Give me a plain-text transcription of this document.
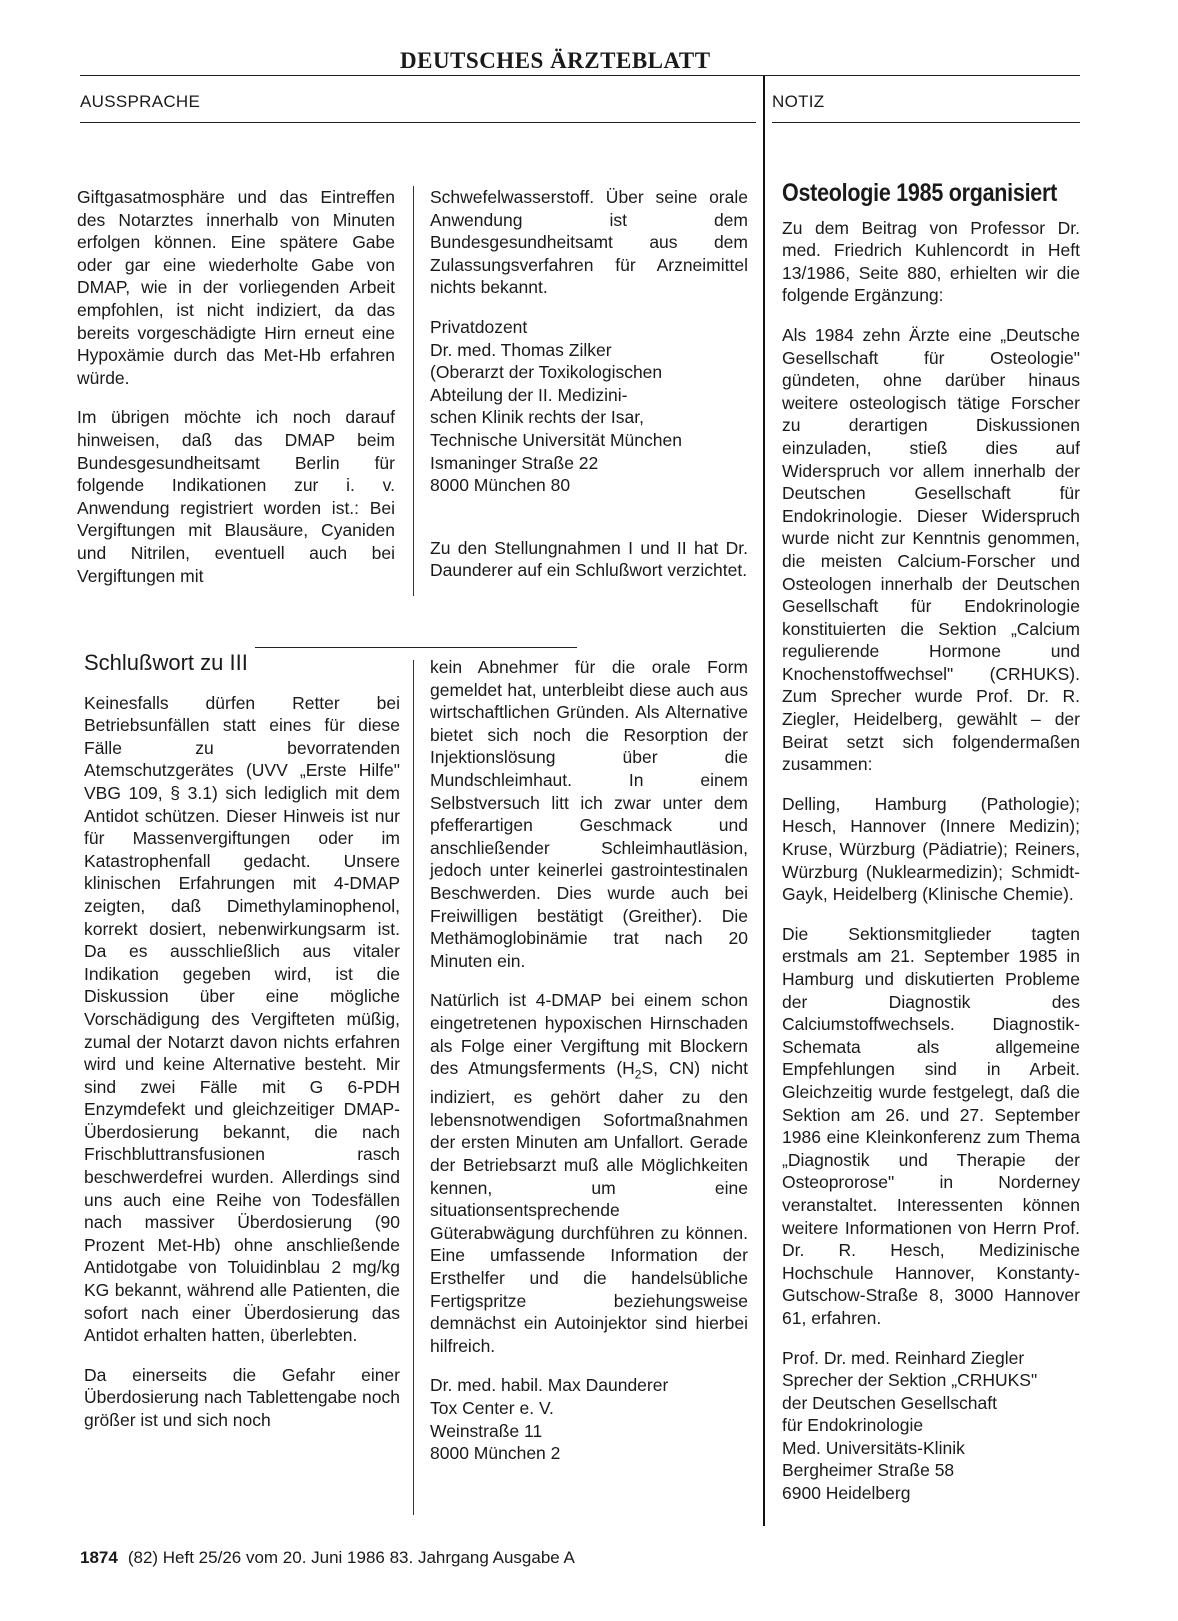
DEUTSCHES ÄRZTEBLATT
AUSSPRACHE	NOTIZ

Giftgasatmosphäre und das Eintreffen des Notarztes innerhalb von Minuten erfolgen können. Eine spätere Gabe oder gar eine wiederholte Gabe von DMAP, wie in der vorliegenden Arbeit empfohlen, ist nicht indiziert, da das bereits vorgeschädigte Hirn erneut eine Hypoxämie durch das Met-Hb erfahren würde.

Im übrigen möchte ich noch darauf hinweisen, daß das DMAP beim Bundesgesundheitsamt Berlin für folgende Indikationen zur i. v. Anwendung registriert worden ist.: Bei Vergiftungen mit Blausäure, Cyaniden und Nitrilen, eventuell auch bei Vergiftungen mit

Schwefelwasserstoff. Über seine orale Anwendung ist dem Bundesgesundheitsamt aus dem Zulassungsverfahren für Arzneimittel nichts bekannt.

Privatdozent
Dr. med. Thomas Zilker
(Oberarzt der Toxikologischen
Abteilung der II. Medizini-
schen Klinik rechts der Isar,
Technische Universität München
Ismaninger Straße 22
8000 München 80

Zu den Stellungnahmen I und II hat Dr. Daunderer auf ein Schlußwort verzichtet.

Schlußwort zu III

Keinesfalls dürfen Retter bei Betriebsunfällen statt eines für diese Fälle zu bevorratenden Atemschutzgerätes (UVV „Erste Hilfe" VBG 109, § 3.1) sich lediglich mit dem Antidot schützen. Dieser Hinweis ist nur für Massenvergiftungen oder im Katastrophenfall gedacht. Unsere klinischen Erfahrungen mit 4-DMAP zeigten, daß Dimethylaminophenol, korrekt dosiert, nebenwirkungsarm ist. Da es ausschließlich aus vitaler Indikation gegeben wird, ist die Diskussion über eine mögliche Vorschädigung des Vergifteten müßig, zumal der Notarzt davon nichts erfahren wird und keine Alternative besteht. Mir sind zwei Fälle mit G 6-PDH Enzymdefekt und gleichzeitiger DMAP-Überdosierung bekannt, die nach Frischbluttransfusionen rasch beschwerdefrei wurden. Allerdings sind uns auch eine Reihe von Todesfällen nach massiver Überdosierung (90 Prozent Met-Hb) ohne anschließende Antidotgabe von Toluidinblau 2 mg/kg KG bekannt, während alle Patienten, die sofort nach einer Überdosierung das Antidot erhalten hatten, überlebten.

Da einerseits die Gefahr einer Überdosierung nach Tablettengabe noch größer ist und sich noch

kein Abnehmer für die orale Form gemeldet hat, unterbleibt diese auch aus wirtschaftlichen Gründen. Als Alternative bietet sich noch die Resorption der Injektionslösung über die Mundschleimhaut. In einem Selbstversuch litt ich zwar unter dem pfefferartigen Geschmack und anschließender Schleimhautläsion, jedoch unter keinerlei gastrointestinalen Beschwerden. Dies wurde auch bei Freiwilligen bestätigt (Greither). Die Methämoglobinämie trat nach 20 Minuten ein.

Natürlich ist 4-DMAP bei einem schon eingetretenen hypoxischen Hirnschaden als Folge einer Vergiftung mit Blockern des Atmungsferments ($H_2S$, CN) nicht indiziert, es gehört daher zu den lebensnotwendigen Sofortmaßnahmen der ersten Minuten am Unfallort. Gerade der Betriebsarzt muß alle Möglichkeiten kennen, um eine situationsentsprechende Güterabwägung durchführen zu können. Eine umfassende Information der Ersthelfer und die handelsübliche Fertigspritze beziehungsweise demnächst ein Autoinjektor sind hierbei hilfreich.

Dr. med. habil. Max Daunderer
Tox Center e. V.
Weinstraße 11
8000 München 2

Osteologie 1985 organisiert

Zu dem Beitrag von Professor Dr. med. Friedrich Kuhlencordt in Heft 13/1986, Seite 880, erhielten wir die folgende Ergänzung:

Als 1984 zehn Ärzte eine „Deutsche Gesellschaft für Osteologie" gündeten, ohne darüber hinaus weitere osteologisch tätige Forscher zu derartigen Diskussionen einzuladen, stieß dies auf Widerspruch vor allem innerhalb der Deutschen Gesellschaft für Endokrinologie. Dieser Widerspruch wurde nicht zur Kenntnis genommen, die meisten Calcium-Forscher und Osteologen innerhalb der Deutschen Gesellschaft für Endokrinologie konstituierten die Sektion „Calcium regulierende Hormone und Knochenstoffwechsel" (CRHUKS). Zum Sprecher wurde Prof. Dr. R. Ziegler, Heidelberg, gewählt – der Beirat setzt sich folgendermaßen zusammen:

Delling, Hamburg (Pathologie); Hesch, Hannover (Innere Medizin); Kruse, Würzburg (Pädiatrie); Reiners, Würzburg (Nuklearmedizin); Schmidt-Gayk, Heidelberg (Klinische Chemie).

Die Sektionsmitglieder tagten erstmals am 21. September 1985 in Hamburg und diskutierten Probleme der Diagnostik des Calciumstoffwechsels. Diagnostik-Schemata als allgemeine Empfehlungen sind in Arbeit. Gleichzeitig wurde festgelegt, daß die Sektion am 26. und 27. September 1986 eine Kleinkonferenz zum Thema „Diagnostik und Therapie der Osteoprorose" in Norderney veranstaltet. Interessenten können weitere Informationen von Herrn Prof. Dr. R. Hesch, Medizinische Hochschule Hannover, Konstanty-Gutschow-Straße 8, 3000 Hannover 61, erfahren.

Prof. Dr. med. Reinhard Ziegler
Sprecher der Sektion „CRHUKS"
der Deutschen Gesellschaft
für Endokrinologie
Med. Universitäts-Klinik
Bergheimer Straße 58
6900 Heidelberg

1874 (82) Heft 25/26 vom 20. Juni 1986 83. Jahrgang Ausgabe A
